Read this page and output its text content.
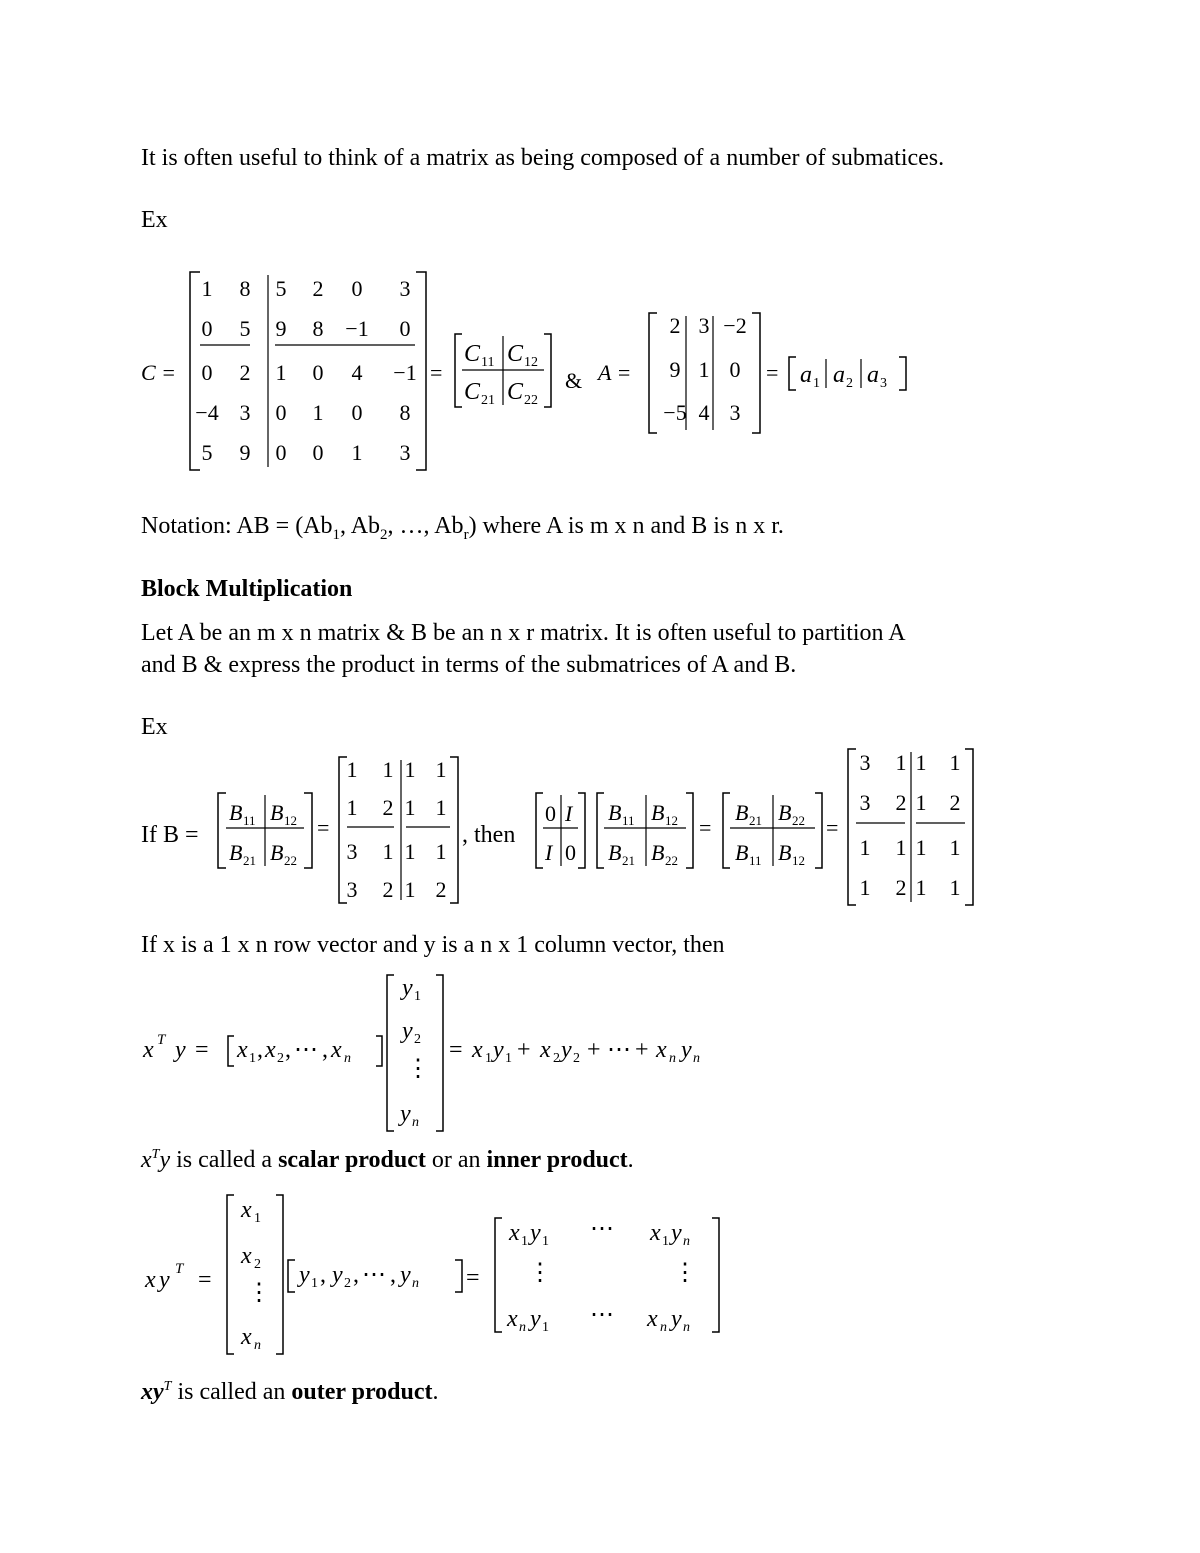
It is often useful to think of a matrix as being composed of a number of submatices.
Ex
C =
1 8 5 2 0 3
0 5 9 8 −1 0
0 2 1 0 4 −1
−4 3 0 1 0 8
5 9 0 0 1 3
=
C 11 C 12
C 21 C 22
& A =
2 3 −2
9 1 0
−5 4 3
= a 1 a 2 a 3
If B =
B 11 B 12
B 21 B 22
=
1 1 1 1
1 2 1 1
3 1 1 1
3 2 1 2
, then
0 I
I 0
B 11 B 12
B 21 B 22
=
B 21 B 22
B 11 B 12
=
3 1 1 1
3 2 1 2
1 1 1 1
1 2 1 1
x T y = x 1 , x 2 , ⋯ , x n
y 1
y 2
⋮
y n
= x 1 y 1 + x 2 y 2 + ⋯ + x n y n
x y T =
x 1
x 2
⋮
x n
y 1 , y 2 , ⋯ , y n =
x 1 y 1 ⋯ x 1 y n
⋮	⋮
x n y 1 ⋯ x n y n
Notation: AB = ($Ab_1$, $Ab_2$, …, $Ab_r$) where A is m x n and B is n x r.
Block Multiplication
Let A be an m x n matrix & B be an n x r matrix. It is often useful to partition A
and B & express the product in terms of the submatrices of A and B.
Ex
If x is a 1 x n row vector and y is a n x 1 column vector, then
$x^Ty$ is called a scalar product or an inner product.
$xy^T$ is called an outer product.
